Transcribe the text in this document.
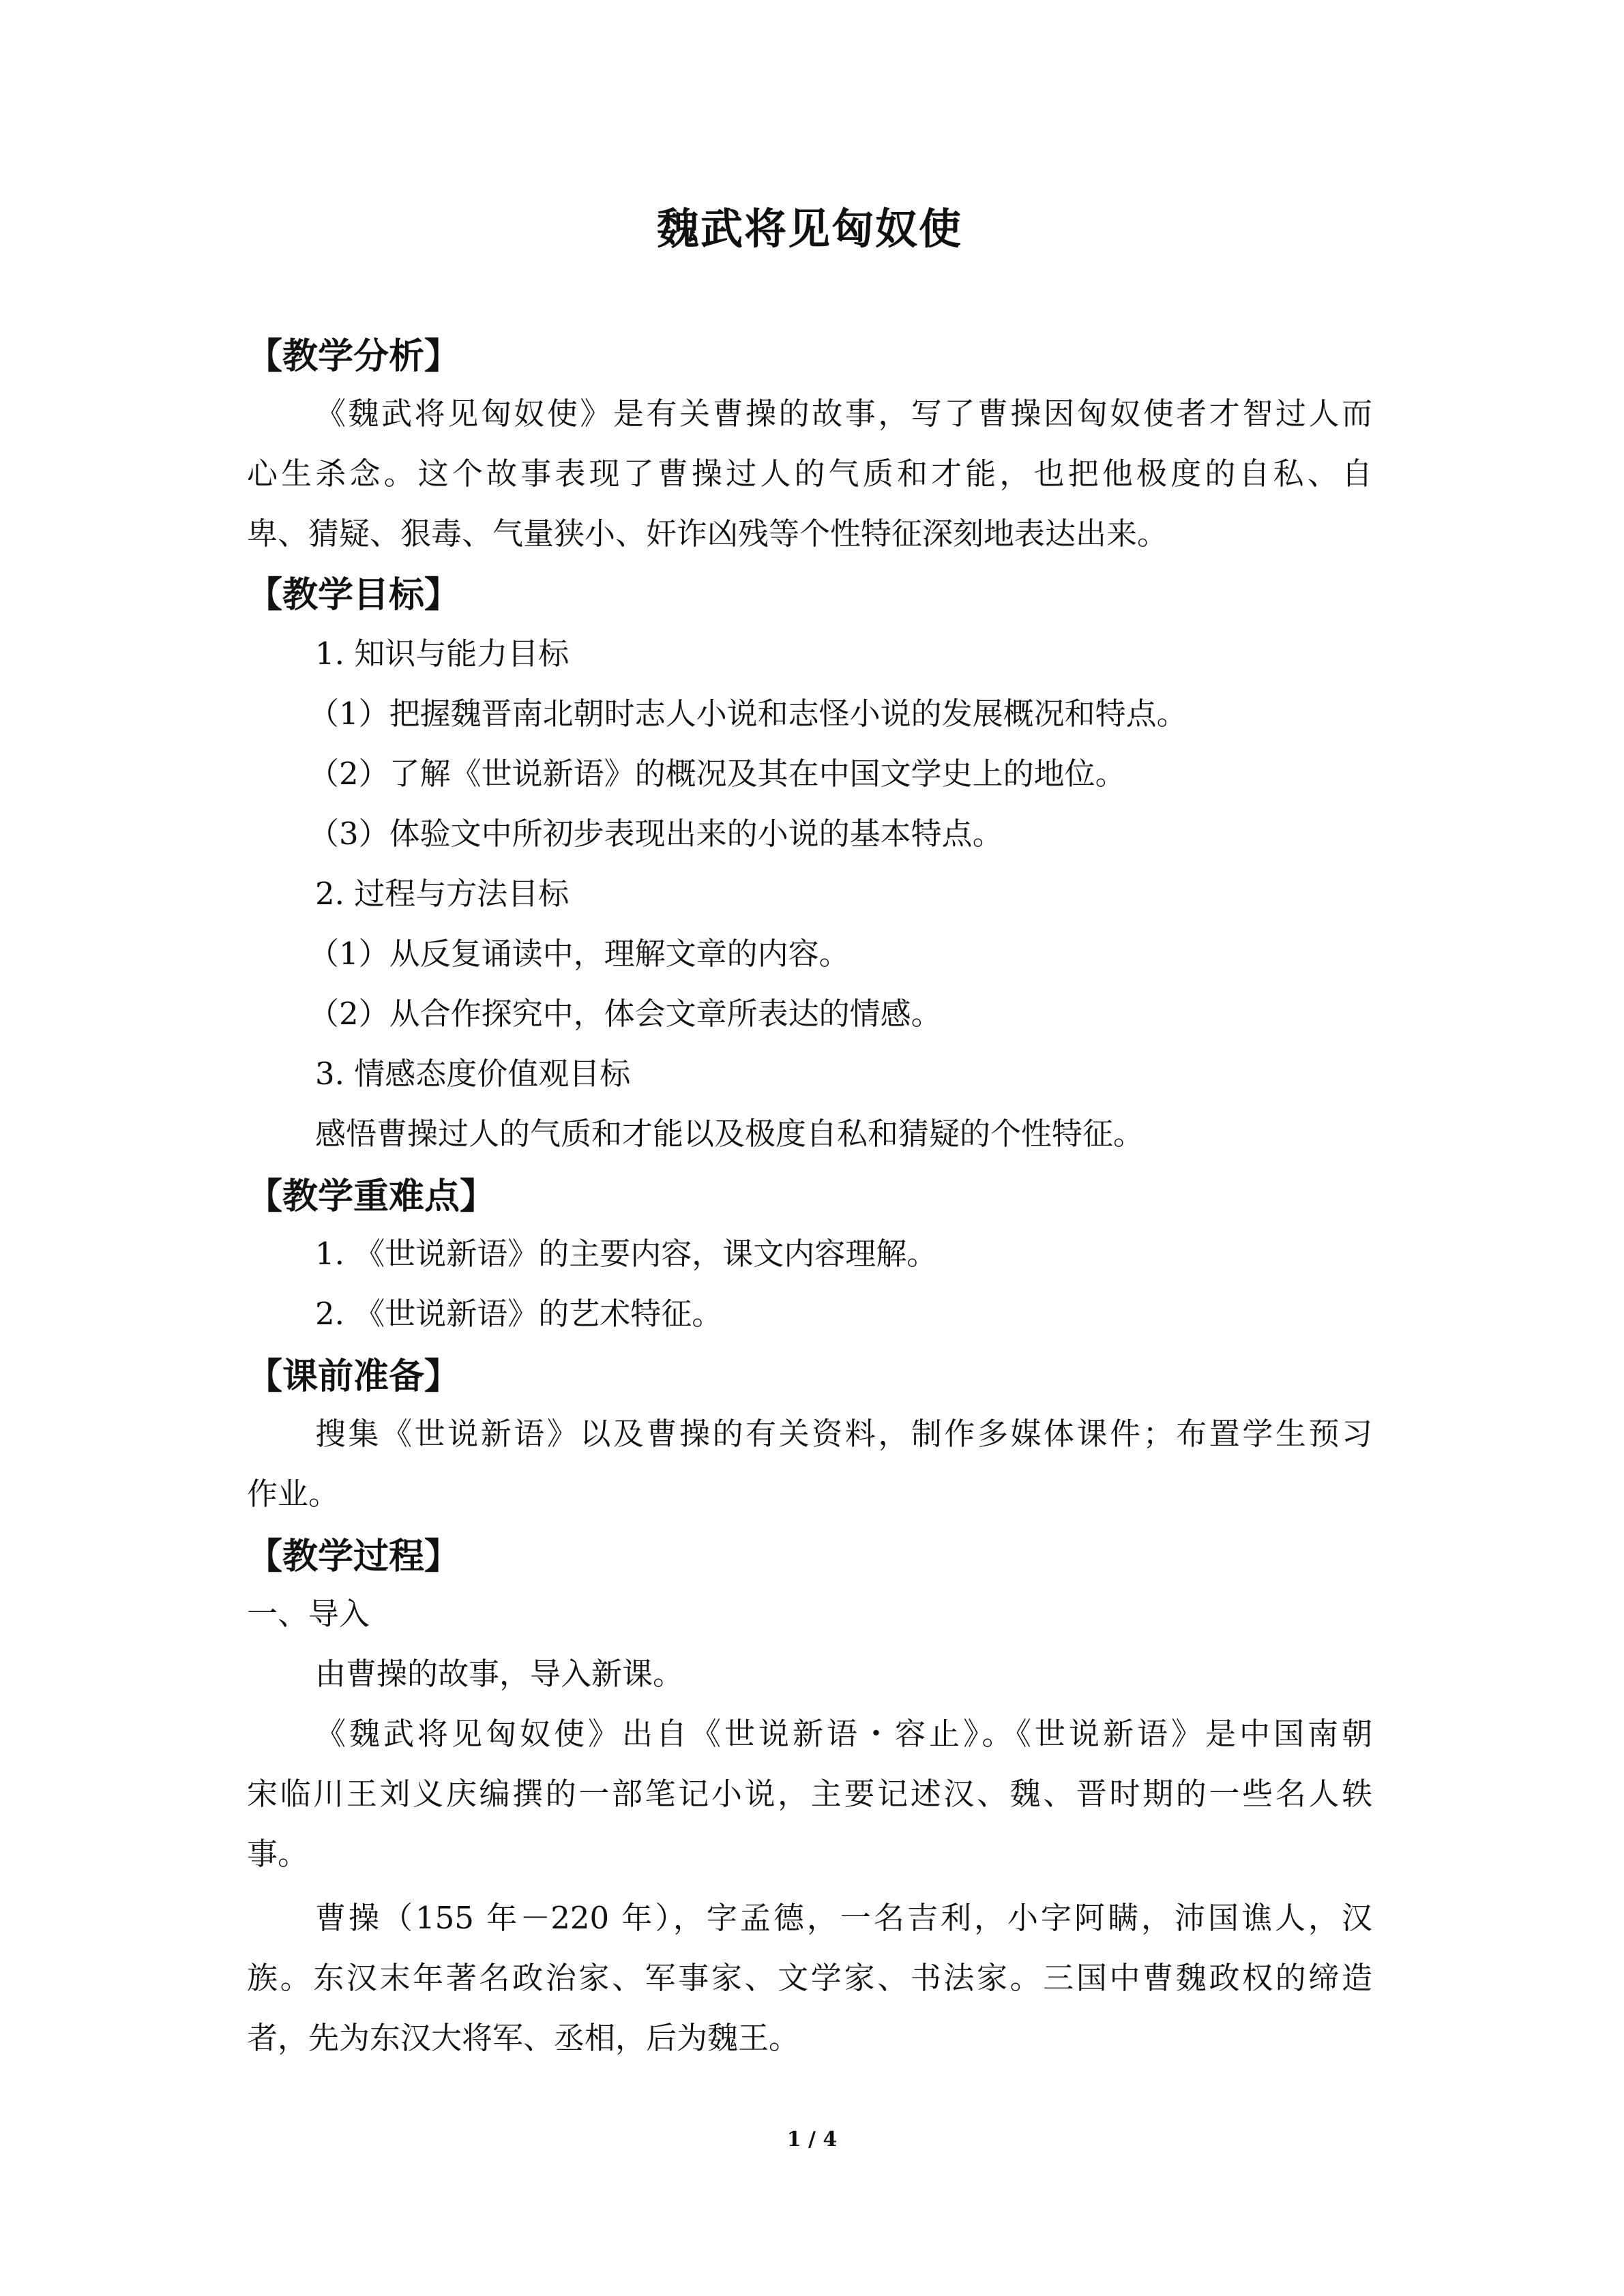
魏武将见匈奴使
【教学分析】
《魏武将见匈奴使》是有关曹操的故事，写了曹操因匈奴使者才智过人而
心生杀念。这个故事表现了曹操过人的气质和才能，也把他极度的自私、自
卑、猜疑、狠毒、气量狭小、奸诈凶残等个性特征深刻地表达出来。
【教学目标】
1. 知识与能力目标
（1）把握魏晋南北朝时志人小说和志怪小说的发展概况和特点。
（2）了解《世说新语》的概况及其在中国文学史上的地位。
（3）体验文中所初步表现出来的小说的基本特点。
2. 过程与方法目标
（1）从反复诵读中，理解文章的内容。
（2）从合作探究中，体会文章所表达的情感。
3. 情感态度价值观目标
感悟曹操过人的气质和才能以及极度自私和猜疑的个性特征。
【教学重难点】
1. 《世说新语》的主要内容，课文内容理解。
2. 《世说新语》的艺术特征。
【课前准备】
搜集《世说新语》以及曹操的有关资料，制作多媒体课件；布置学生预习
作业。
【教学过程】
一、导入
由曹操的故事，导入新课。
《魏武将见匈奴使》出自《世说新语・容止》。《世说新语》是中国南朝
宋临川王刘义庆编撰的一部笔记小说，主要记述汉、魏、晋时期的一些名人轶
事。
曹操（155 年－220 年），字孟德，一名吉利，小字阿瞒，沛国谯人，汉
族。东汉末年著名政治家、军事家、文学家、书法家。三国中曹魏政权的缔造
者，先为东汉大将军、丞相，后为魏王。
1 / 4
